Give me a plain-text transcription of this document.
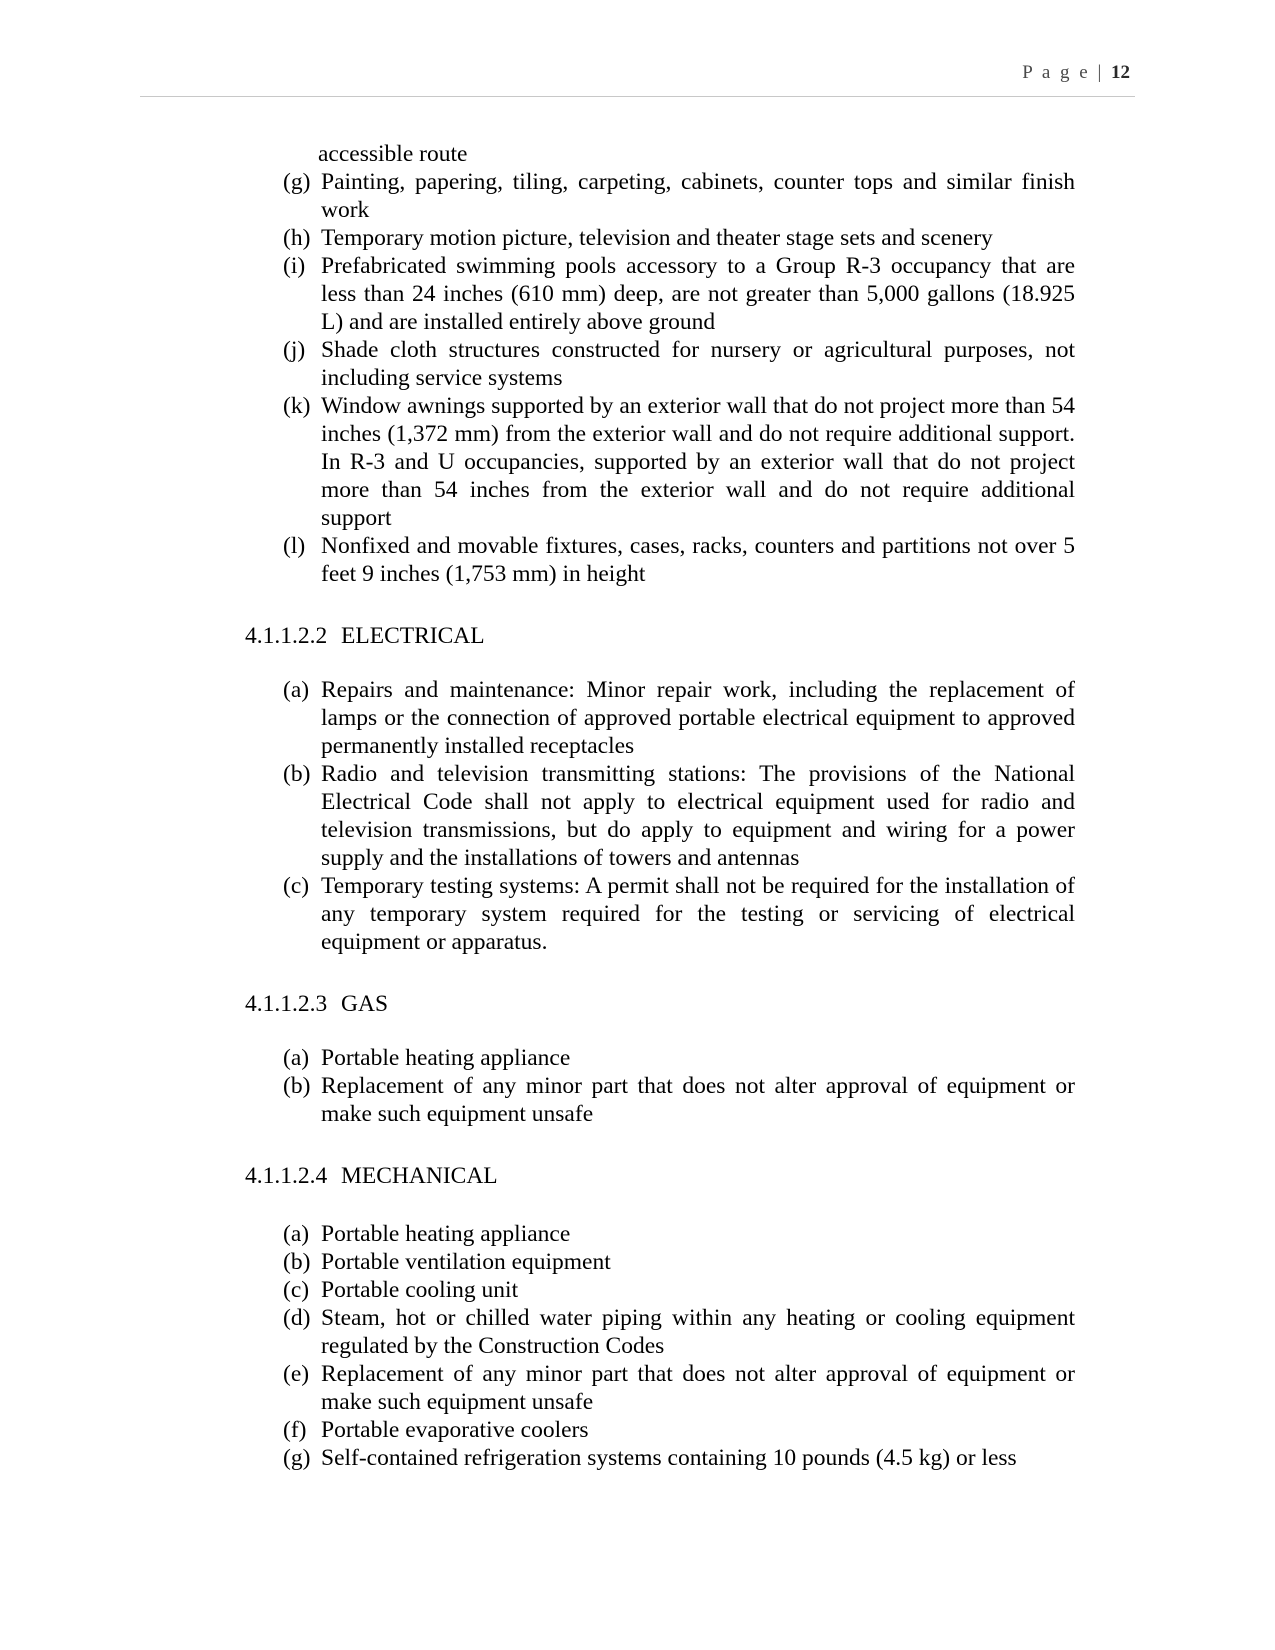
P a g e | 12

accessible route

(g) Painting, papering, tiling, carpeting, cabinets, counter tops and similar finish work
(h) Temporary motion picture, television and theater stage sets and scenery
(i) Prefabricated swimming pools accessory to a Group R-3 occupancy that are less than 24 inches (610 mm) deep, are not greater than 5,000 gallons (18.925 L) and are installed entirely above ground
(j) Shade cloth structures constructed for nursery or agricultural purposes, not including service systems
(k) Window awnings supported by an exterior wall that do not project more than 54 inches (1,372 mm) from the exterior wall and do not require additional support. In R-3 and U occupancies, supported by an exterior wall that do not project more than 54 inches from the exterior wall and do not require additional support
(l) Nonfixed and movable fixtures, cases, racks, counters and partitions not over 5 feet 9 inches (1,753 mm) in height
4.1.1.2.2 ELECTRICAL
(a) Repairs and maintenance: Minor repair work, including the replacement of lamps or the connection of approved portable electrical equipment to approved permanently installed receptacles
(b) Radio and television transmitting stations: The provisions of the National Electrical Code shall not apply to electrical equipment used for radio and television transmissions, but do apply to equipment and wiring for a power supply and the installations of towers and antennas
(c) Temporary testing systems: A permit shall not be required for the installation of any temporary system required for the testing or servicing of electrical equipment or apparatus.
4.1.1.2.3 GAS
(a) Portable heating appliance
(b) Replacement of any minor part that does not alter approval of equipment or make such equipment unsafe
4.1.1.2.4 MECHANICAL
(a) Portable heating appliance
(b) Portable ventilation equipment
(c) Portable cooling unit
(d) Steam, hot or chilled water piping within any heating or cooling equipment regulated by the Construction Codes
(e) Replacement of any minor part that does not alter approval of equipment or make such equipment unsafe
(f) Portable evaporative coolers
(g) Self-contained refrigeration systems containing 10 pounds (4.5 kg) or less
